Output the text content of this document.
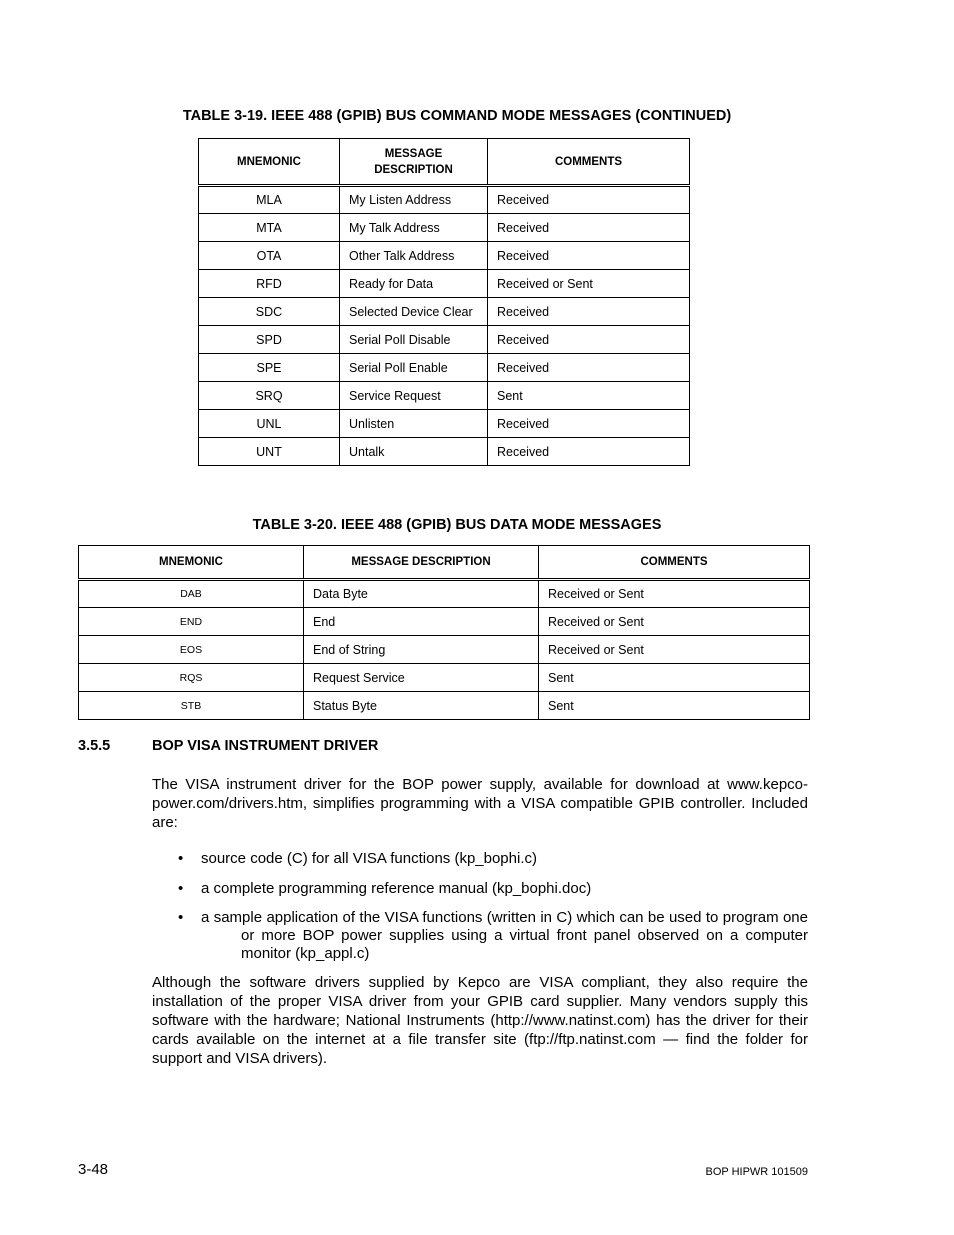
TABLE 3-19. IEEE 488 (GPIB) BUS COMMAND MODE MESSAGES (CONTINUED)
MNEMONIC	MESSAGE DESCRIPTION	COMMENTS
MLA	My Listen Address	Received
MTA	My Talk Address	Received
OTA	Other Talk Address	Received
RFD	Ready for Data	Received or Sent
SDC	Selected Device Clear	Received
SPD	Serial Poll Disable	Received
SPE	Serial Poll Enable	Received
SRQ	Service Request	Sent
UNL	Unlisten	Received
UNT	Untalk	Received
TABLE 3-20. IEEE 488 (GPIB) BUS DATA MODE MESSAGES
MNEMONIC	MESSAGE DESCRIPTION	COMMENTS
DAB	Data Byte	Received or Sent
END	End	Received or Sent
EOS	End of String	Received or Sent
RQS	Request Service	Sent
STB	Status Byte	Sent
3.5.5	BOP VISA INSTRUMENT DRIVER
The VISA instrument driver for the BOP power supply, available for download at www.kepco-power.com/drivers.htm, simplifies programming with a VISA compatible GPIB controller. Included are:
• source code (C) for all VISA functions (kp_bophi.c)
• a complete programming reference manual (kp_bophi.doc)
• a sample application of the VISA functions (written in C) which can be used to program one or more BOP power supplies using a virtual front panel observed on a computer monitor (kp_appl.c)
Although the software drivers supplied by Kepco are VISA compliant, they also require the installation of the proper VISA driver from your GPIB card supplier. Many vendors supply this software with the hardware; National Instruments (http://www.natinst.com) has the driver for their cards available on the internet at a file transfer site (ftp://ftp.natinst.com — find the folder for support and VISA drivers).
3-48	BOP HIPWR 101509
